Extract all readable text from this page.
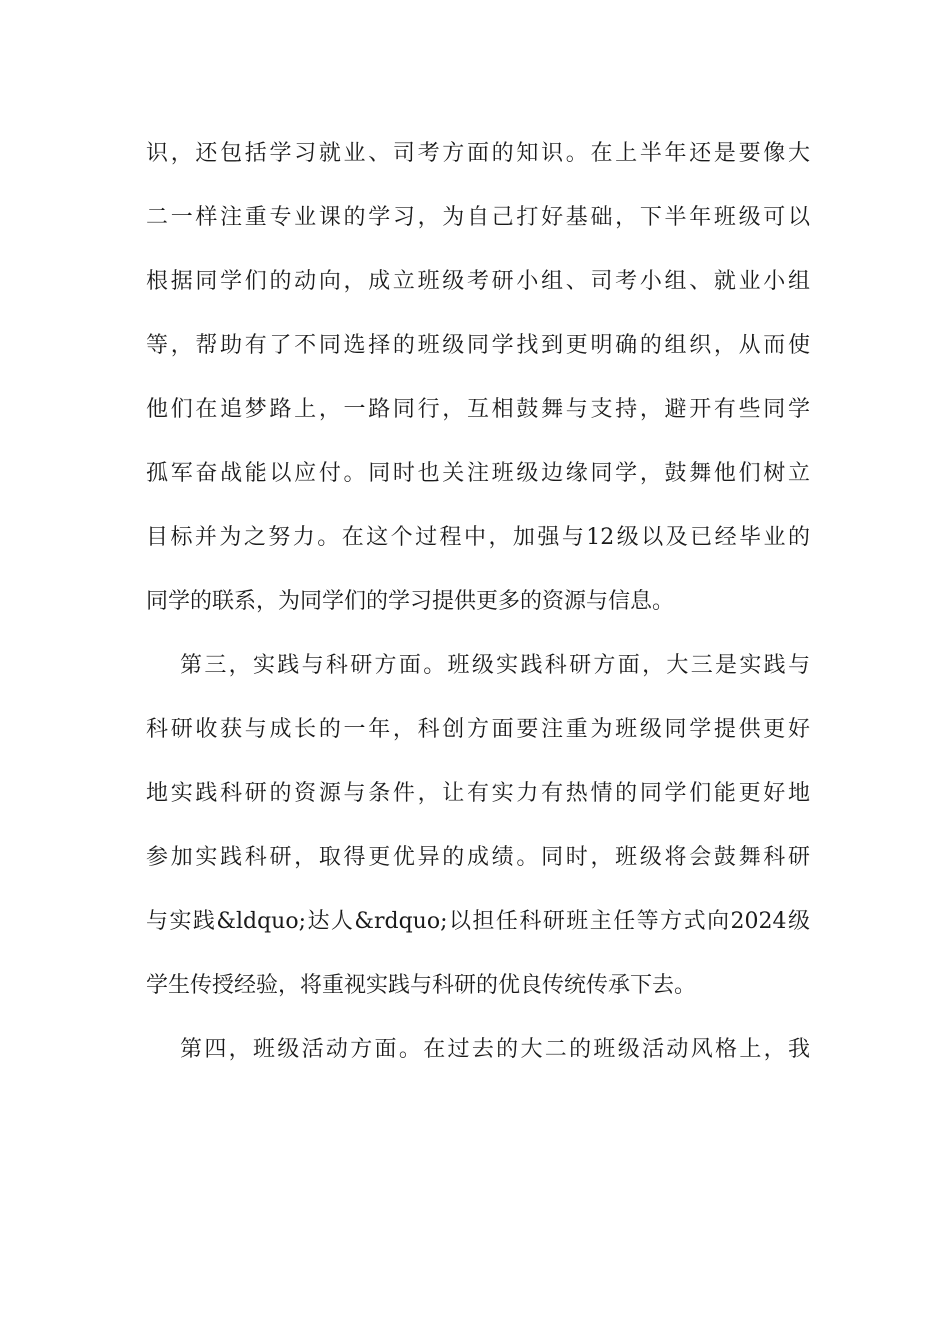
识，还包括学习就业、司考方面的知识。在上半年还是要像大
二一样注重专业课的学习，为自己打好基础，下半年班级可以
根据同学们的动向，成立班级考研小组、司考小组、就业小组
等，帮助有了不同选择的班级同学找到更明确的组织，从而使
他们在追梦路上，一路同行，互相鼓舞与支持，避开有些同学
孤军奋战能以应付。同时也关注班级边缘同学，鼓舞他们树立
目标并为之努力。在这个过程中，加强与12级以及已经毕业的
同学的联系，为同学们的学习提供更多的资源与信息。
第三，实践与科研方面。班级实践科研方面，大三是实践与
科研收获与成长的一年，科创方面要注重为班级同学提供更好
地实践科研的资源与条件，让有实力有热情的同学们能更好地
参加实践科研，取得更优异的成绩。同时，班级将会鼓舞科研
与实践&ldquo;达人&rdquo;以担任科研班主任等方式向2024级
学生传授经验，将重视实践与科研的优良传统传承下去。
第四，班级活动方面。在过去的大二的班级活动风格上，我
